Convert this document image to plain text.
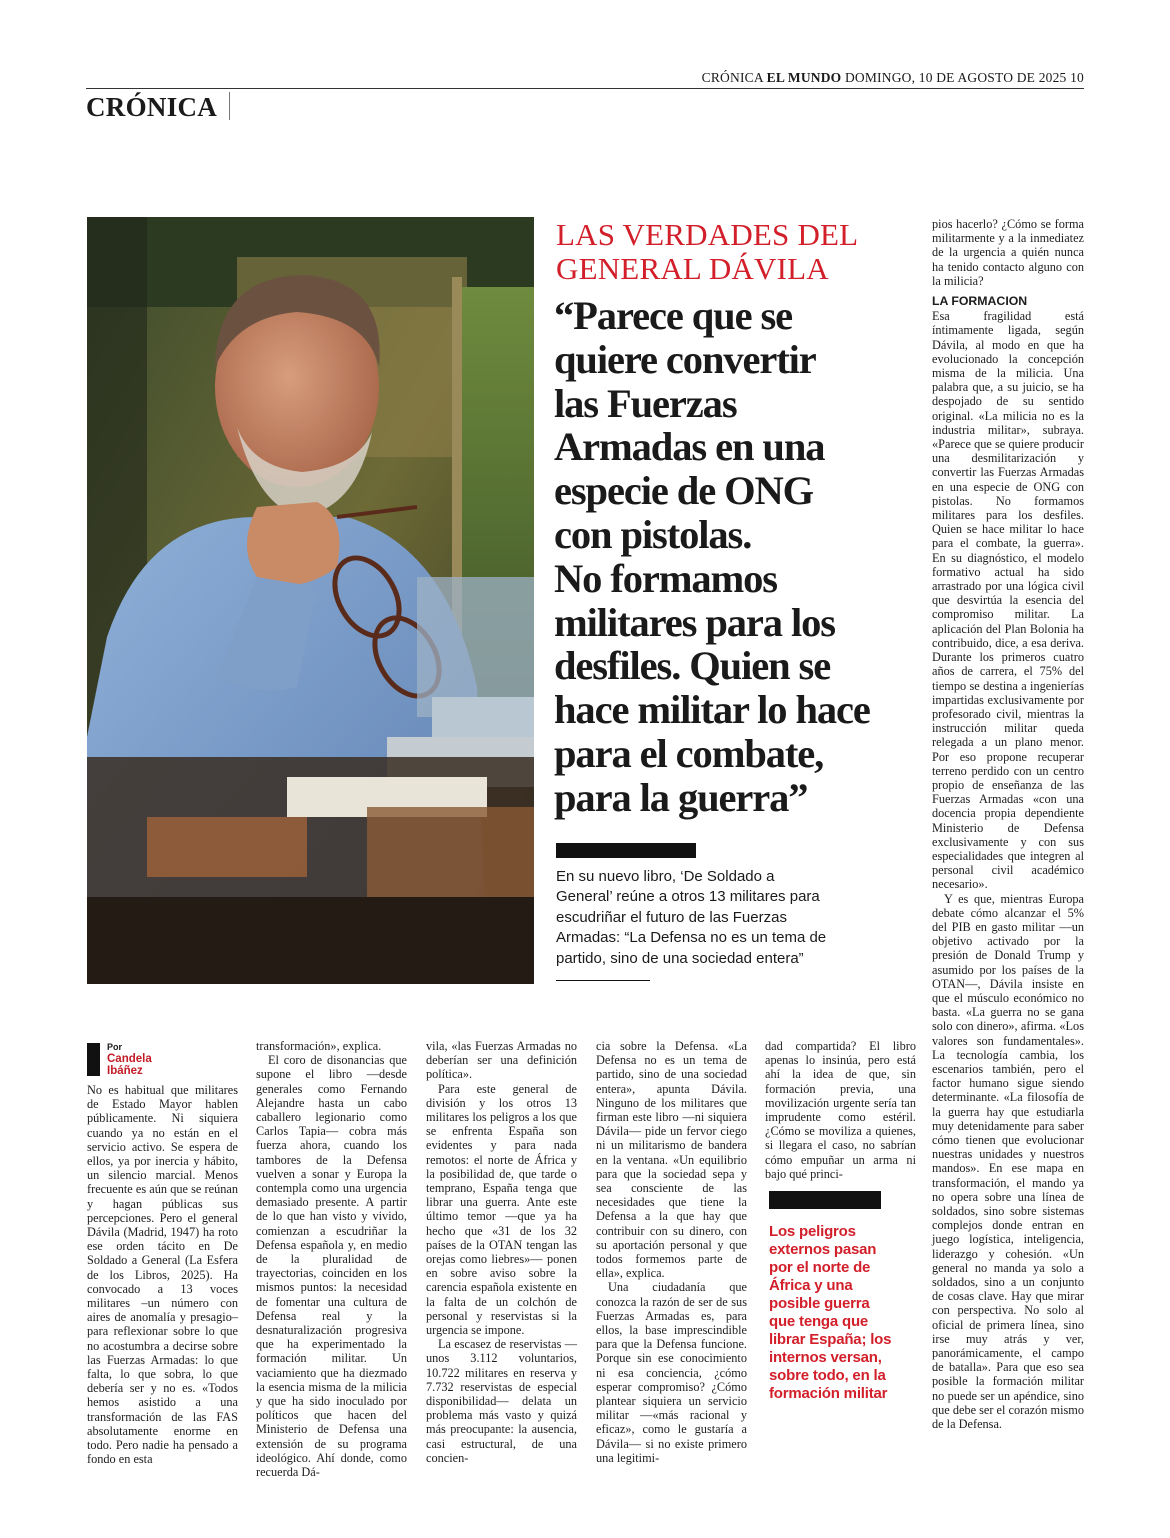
CRÓNICA EL MUNDO DOMINGO, 10 DE AGOSTO DE 2025 10
CRÓNICA
LAS VERDADES DEL
GENERAL DÁVILA
“Parece que se
quiere convertir
las Fuerzas
Armadas en una
especie de ONG
con pistolas.
No formamos
militares para los
desfiles. Quien se
hace militar lo hace
para el combate,
para la guerra”
En su nuevo libro, ‘De Soldado a
General’ reúne a otros 13 militares para
escudriñar el futuro de las Fuerzas
Armadas: “La Defensa no es un tema de
partido, sino de una sociedad entera”
Por
Candela
Ibáñez

No es habitual que militares de Estado Mayor hablen públicamente. Ni siquiera cuando ya no están en el servicio activo. Se espera de ellos, ya por inercia y hábito, un silencio marcial. Menos frecuente es aún que se reúnan y hagan públicas sus percepciones. Pero el general Dávila (Madrid, 1947) ha roto ese orden tácito en De Soldado a General (La Esfera de los Libros, 2025). Ha convocado a 13 voces militares –un número con aires de anomalía y presagio– para reflexionar sobre lo que no acostumbra a decirse sobre las Fuerzas Armadas: lo que falta, lo que sobra, lo que debería ser y no es. «Todos hemos asistido a una transformación de las FAS absolutamente enorme en todo. Pero nadie ha pensado a fondo en esta

transformación», explica.

El coro de disonancias que supone el libro —desde generales como Fernando Alejandre hasta un cabo caballero legionario como Carlos Tapia— cobra más fuerza ahora, cuando los tambores de la Defensa vuelven a sonar y Europa la contempla como una urgencia demasiado presente. A partir de lo que han visto y vivido, comienzan a escudriñar la Defensa española y, en medio de la pluralidad de trayectorias, coinciden en los mismos puntos: la necesidad de fomentar una cultura de Defensa real y la desnaturalización progresiva que ha experimentado la formación militar. Un vaciamiento que ha diezmado la esencia misma de la milicia y que ha sido inoculado por políticos que hacen del Ministerio de Defensa una extensión de su programa ideológico. Ahí donde, como recuerda Dá-

vila, «las Fuerzas Armadas no deberían ser una definición política».

Para este general de división y los otros 13 militares los peligros a los que se enfrenta España son evidentes y para nada remotos: el norte de África y la posibilidad de, que tarde o temprano, España tenga que librar una guerra. Ante este último temor —que ya ha hecho que «31 de los 32 países de la OTAN tengan las orejas como liebres»— ponen en sobre aviso sobre la carencia española existente en la falta de un colchón de personal y reservistas si la urgencia se impone.

La escasez de reservistas —unos 3.112 voluntarios, 10.722 militares en reserva y 7.732 reservistas de especial disponibilidad— delata un problema más vasto y quizá más preocupante: la ausencia, casi estructural, de una concien-

cia sobre la Defensa. «La Defensa no es un tema de partido, sino de una sociedad entera», apunta Dávila. Ninguno de los militares que firman este libro —ni siquiera Dávila— pide un fervor ciego ni un militarismo de bandera en la ventana. «Un equilibrio para que la sociedad sepa y sea consciente de las necesidades que tiene la Defensa a la que hay que contribuir con su dinero, con su aportación personal y que todos formemos parte de ella», explica.

Una ciudadanía que conozca la razón de ser de sus Fuerzas Armadas es, para ellos, la base imprescindible para que la Defensa funcione. Porque sin ese conocimiento ni esa conciencia, ¿cómo esperar compromiso? ¿Cómo plantear siquiera un servicio militar —«más racional y eficaz», como le gustaría a Dávila— si no existe primero una legitimi-

dad compartida? El libro apenas lo insinúa, pero está ahí la idea de que, sin formación previa, una movilización urgente sería tan imprudente como estéril. ¿Cómo se moviliza a quienes, si llegara el caso, no sabrían cómo empuñar un arma ni bajo qué princi-

Los peligros
externos pasan
por el norte de
África y una
posible guerra
que tenga que
librar España; los
internos versan,
sobre todo, en la
formación militar

pios hacerlo? ¿Cómo se forma militarmente y a la inmediatez de la urgencia a quién nunca ha tenido contacto alguno con la milicia?

LA FORMACION

Esa fragilidad está íntimamente ligada, según Dávila, al modo en que ha evolucionado la concepción misma de la milicia. Una palabra que, a su juicio, se ha despojado de su sentido original. «La milicia no es la industria militar», subraya. «Parece que se quiere producir una desmilitarización y convertir las Fuerzas Armadas en una especie de ONG con pistolas. No formamos militares para los desfiles. Quien se hace militar lo hace para el combate, la guerra». En su diagnóstico, el modelo formativo actual ha sido arrastrado por una lógica civil que desvirtúa la esencia del compromiso militar. La aplicación del Plan Bolonia ha contribuido, dice, a esa deriva. Durante los primeros cuatro años de carrera, el 75% del tiempo se destina a ingenierías impartidas exclusivamente por profesorado civil, mientras la instrucción militar queda relegada a un plano menor. Por eso propone recuperar terreno perdido con un centro propio de enseñanza de las Fuerzas Armadas «con una docencia propia dependiente Ministerio de Defensa exclusivamente y con sus especialidades que integren al personal civil académico necesario».

Y es que, mientras Europa debate cómo alcanzar el 5% del PIB en gasto militar —un objetivo activado por la presión de Donald Trump y asumido por los países de la OTAN—, Dávila insiste en que el músculo económico no basta. «La guerra no se gana solo con dinero», afirma. «Los valores son fundamentales». La tecnología cambia, los escenarios también, pero el factor humano sigue siendo determinante. «La filosofía de la guerra hay que estudiarla muy detenidamente para saber cómo tienen que evolucionar nuestras unidades y nuestros mandos». En ese mapa en transformación, el mando ya no opera sobre una línea de soldados, sino sobre sistemas complejos donde entran en juego logística, inteligencia, liderazgo y cohesión. «Un general no manda ya solo a soldados, sino a un conjunto de cosas clave. Hay que mirar con perspectiva. No solo al oficial de primera línea, sino irse muy atrás y ver, panorámicamente, el campo de batalla». Para que eso sea posible la formación militar no puede ser un apéndice, sino que debe ser el corazón mismo de la Defensa.
